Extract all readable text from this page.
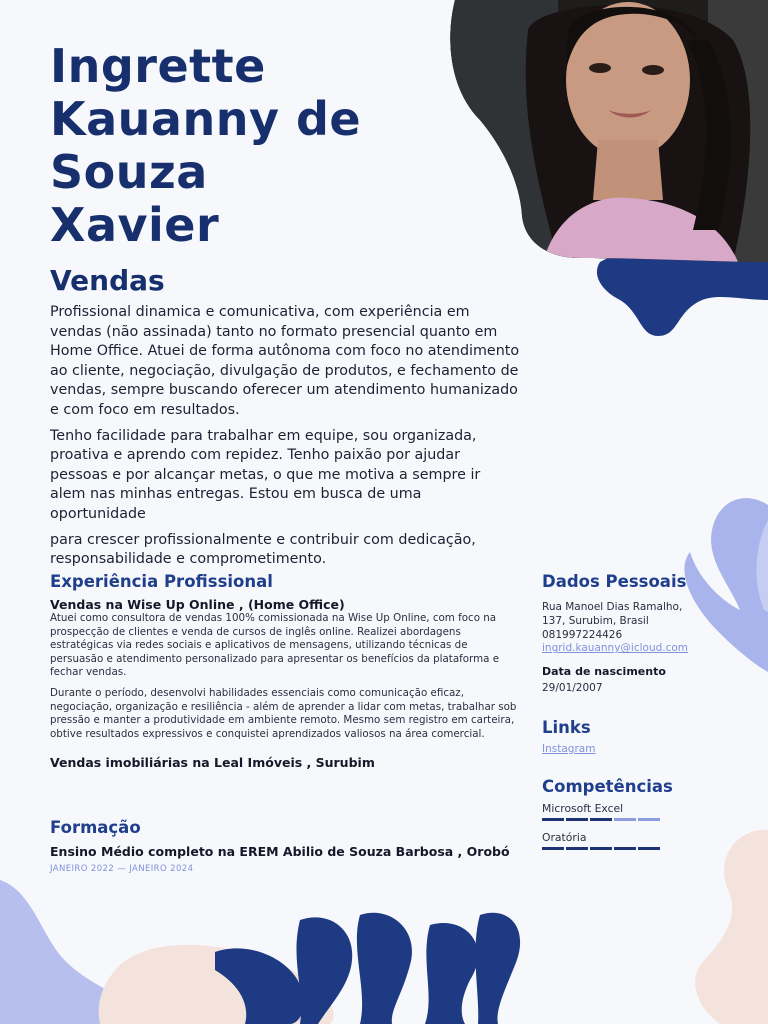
Ingrette
Kauanny de
Souza
Xavier
Vendas

Profissional dinamica e comunicativa, com experiência em vendas (não assinada) tanto no formato presencial quanto em Home Office. Atuei de forma autônoma com foco no atendimento ao cliente, negociação, divulgação de produtos, e fechamento de vendas, sempre buscando oferecer um atendimento humanizado e com foco em resultados.

Tenho facilidade para trabalhar em equipe, sou organizada, proativa e aprendo com repidez. Tenho paixão por ajudar pessoas e por alcançar metas, o que me motiva a sempre ir alem nas minhas entregas. Estou em busca de uma oportunidade

para crescer profissionalmente e contribuir com dedicação, responsabilidade e comprometimento.

Experiência Profissional
Vendas na Wise Up Online , (Home Office)

Atuei como consultora de vendas 100% comissionada na Wise Up Online, com foco na prospecção de clientes e venda de cursos de inglês online. Realizei abordagens estratégicas via redes sociais e aplicativos de mensagens, utilizando técnicas de persuasão e atendimento personalizado para apresentar os benefícios da plataforma e fechar vendas.

Durante o período, desenvolvi habilidades essenciais como comunicação eficaz, negociação, organização e resiliência - além de aprender a lidar com metas, trabalhar sob pressão e manter a produtividade em ambiente remoto. Mesmo sem registro em carteira, obtive resultados expressivos e conquistei aprendizados valiosos na área comercial.

Vendas imobiliárias na Leal Imóveis , Surubim
Formação
Ensino Médio completo na EREM Abilio de Souza Barbosa , Orobó
JANEIRO 2022 — JANEIRO 2024
Dados Pessoais
Rua Manoel Dias Ramalho,
137, Surubim, Brasil
081997224426
ingrid.kauanny@icloud.com
Data de nascimento
29/01/2007
Links
Instagram
Competências
Microsoft Excel
Oratória
